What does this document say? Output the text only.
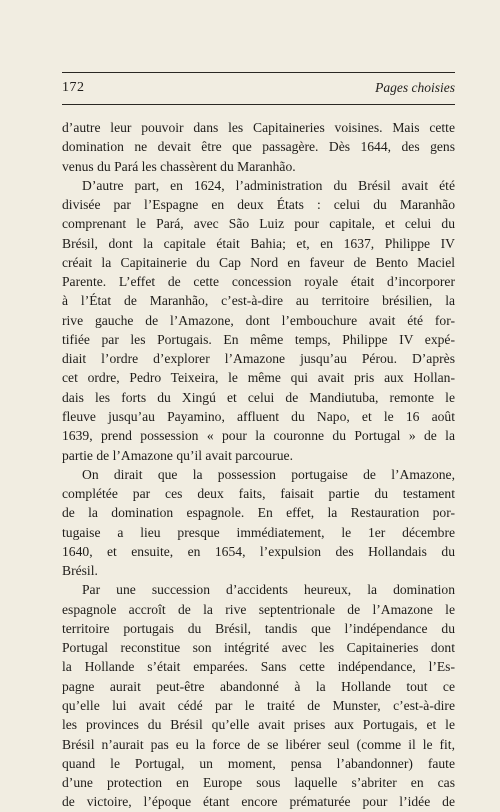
172	Pages choisies
d’autre leur pouvoir dans les Capitaineries voisines. Mais cette
domination ne devait être que passagère. Dès 1644, des gens
venus du Pará les chassèrent du Maranhão.
D’autre part, en 1624, l’administration du Brésil avait été
divisée par l’Espagne en deux États : celui du Maranhão
comprenant le Pará, avec São Luiz pour capitale, et celui du
Brésil, dont la capitale était Bahia; et, en 1637, Philippe IV
créait la Capitainerie du Cap Nord en faveur de Bento Maciel
Parente. L’effet de cette concession royale était d’incorporer
à l’État de Maranhão, c’est-à-dire au territoire brésilien, la
rive gauche de l’Amazone, dont l’embouchure avait été for-
tifiée par les Portugais. En même temps, Philippe IV expé-
diait l’ordre d’explorer l’Amazone jusqu’au Pérou. D’après
cet ordre, Pedro Teixeira, le même qui avait pris aux Hollan-
dais les forts du Xingú et celui de Mandiutuba, remonte le
fleuve jusqu’au Payamino, affluent du Napo, et le 16 août
1639, prend possession « pour la couronne du Portugal » de la
partie de l’Amazone qu’il avait parcourue.
On dirait que la possession portugaise de l’Amazone,
complétée par ces deux faits, faisait partie du testament
de la domination espagnole. En effet, la Restauration por-
tugaise a lieu presque immédiatement, le 1er décembre
1640, et ensuite, en 1654, l’expulsion des Hollandais du
Brésil.
Par une succession d’accidents heureux, la domination
espagnole accroît de la rive septentrionale de l’Amazone le
territoire portugais du Brésil, tandis que l’indépendance du
Portugal reconstitue son intégrité avec les Capitaineries dont
la Hollande s’était emparées. Sans cette indépendance, l’Es-
pagne aurait peut-être abandonné à la Hollande tout ce
qu’elle lui avait cédé par le traité de Munster, c’est-à-dire
les provinces du Brésil qu’elle avait prises aux Portugais, et le
Brésil n’aurait pas eu la force de se libérer seul (comme il le fit,
quand le Portugal, un moment, pensa l’abandonner) faute
d’une protection en Europe sous laquelle s’abriter en cas
de victoire, l’époque étant encore prématurée pour l’idée de
